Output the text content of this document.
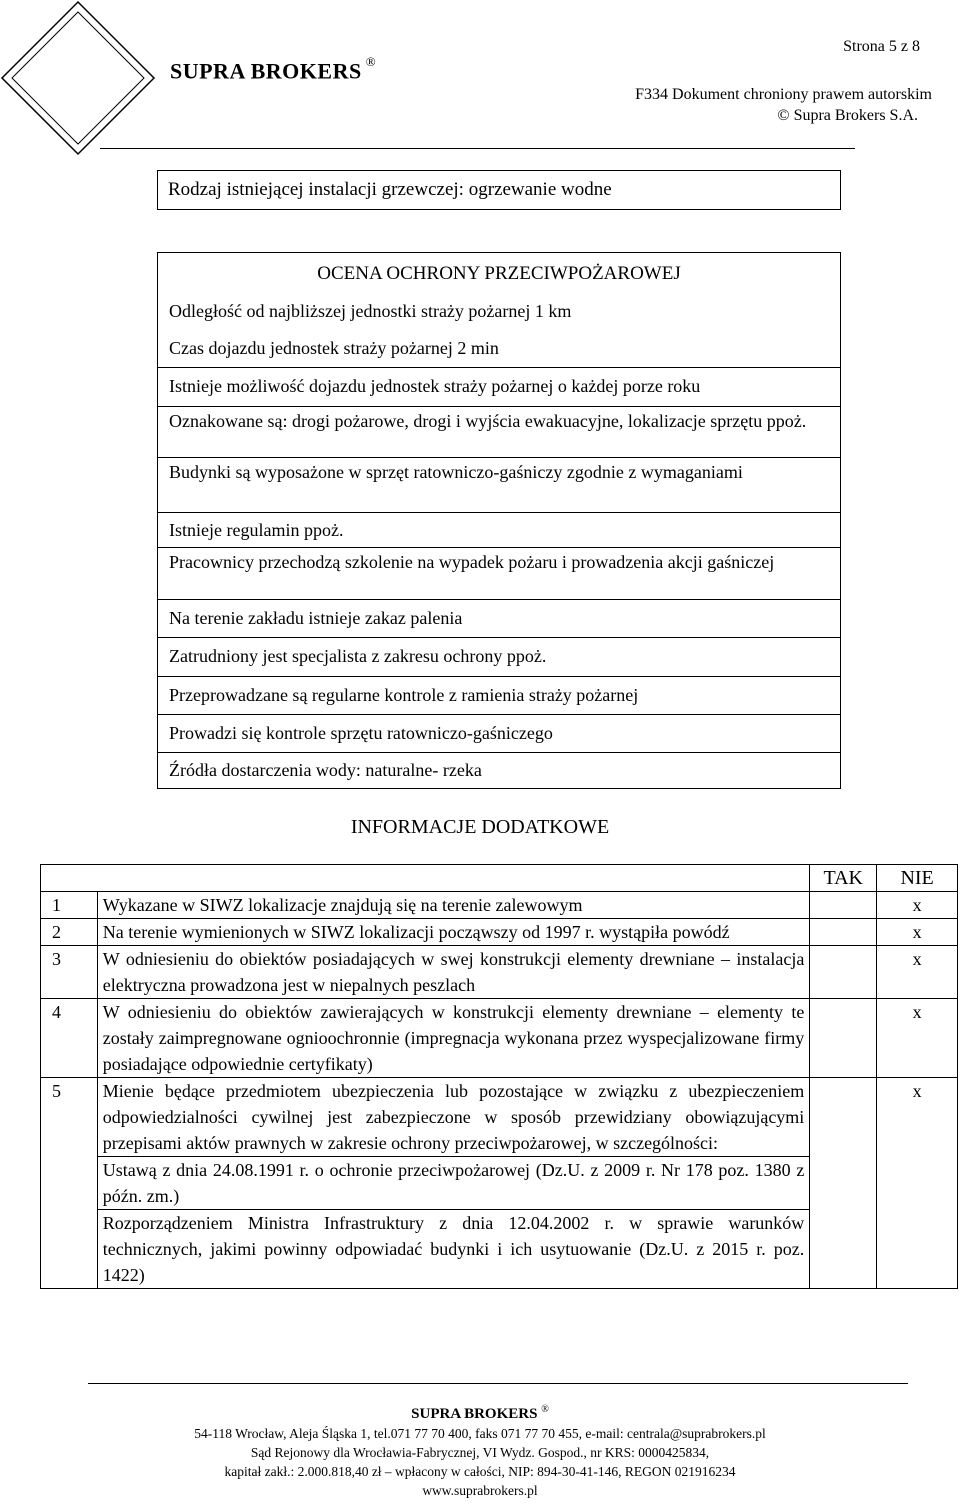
SUPRA BROKERS ®
Strona 5 z 8
F334 Dokument chroniony prawem autorskim
© Supra Brokers S.A.
Rodzaj istniejącej instalacji grzewczej: ogrzewanie wodne
OCENA OCHRONY PRZECIWPOŻAROWEJ
Odległość od najbliższej jednostki straży pożarnej 1 km
Czas dojazdu jednostek straży pożarnej 2 min
Istnieje możliwość dojazdu jednostek straży pożarnej o każdej porze roku
Oznakowane są: drogi pożarowe, drogi i wyjścia ewakuacyjne, lokalizacje sprzętu ppoż.
Budynki są wyposażone w sprzęt ratowniczo-gaśniczy zgodnie z wymaganiami
Istnieje regulamin ppoż.
Pracownicy przechodzą szkolenie na wypadek pożaru i prowadzenia akcji gaśniczej
Na terenie zakładu istnieje zakaz palenia
Zatrudniony jest specjalista z zakresu ochrony ppoż.
Przeprowadzane są regularne kontrole z ramienia straży pożarnej
Prowadzi się kontrole sprzętu ratowniczo-gaśniczego
Źródła dostarczenia wody: naturalne- rzeka
INFORMACJE DODATKOWE
		TAK	NIE
1	Wykazane w SIWZ lokalizacje znajdują się na terenie zalewowym		x
2	Na terenie wymienionych w SIWZ lokalizacji począwszy od 1997 r. wystąpiła powódź		x
3	W odniesieniu do obiektów posiadających w swej konstrukcji elementy drewniane – instalacja elektryczna prowadzona jest w niepalnych peszlach		x
4	W odniesieniu do obiektów zawierających w konstrukcji elementy drewniane – elementy te zostały zaimpregnowane ognioochronnie (impregnacja wykonana przez wyspecjalizowane firmy posiadające odpowiednie certyfikaty)		x
5	Mienie będące przedmiotem ubezpieczenia lub pozostające w związku z ubezpieczeniem odpowiedzialności cywilnej jest zabezpieczone w sposób przewidziany obowiązującymi przepisami aktów prawnych w zakresie ochrony przeciwpożarowej, w szczególności:
Ustawą z dnia 24.08.1991 r. o ochronie przeciwpożarowej (Dz.U. z 2009 r. Nr 178 poz. 1380 z późn. zm.)
Rozporządzeniem Ministra Infrastruktury z dnia 12.04.2002 r. w sprawie warunków technicznych, jakimi powinny odpowiadać budynki i ich usytuowanie (Dz.U. z 2015 r. poz. 1422)		x
SUPRA BROKERS ®
54-118 Wrocław, Aleja Śląska 1, tel.071 77 70 400, faks 071 77 70 455, e-mail: centrala@suprabrokers.pl
Sąd Rejonowy dla Wrocławia-Fabrycznej, VI Wydz. Gospod., nr KRS: 0000425834,
kapitał zakł.: 2.000.818,40 zł – wpłacony w całości, NIP: 894-30-41-146, REGON 021916234
www.suprabrokers.pl
